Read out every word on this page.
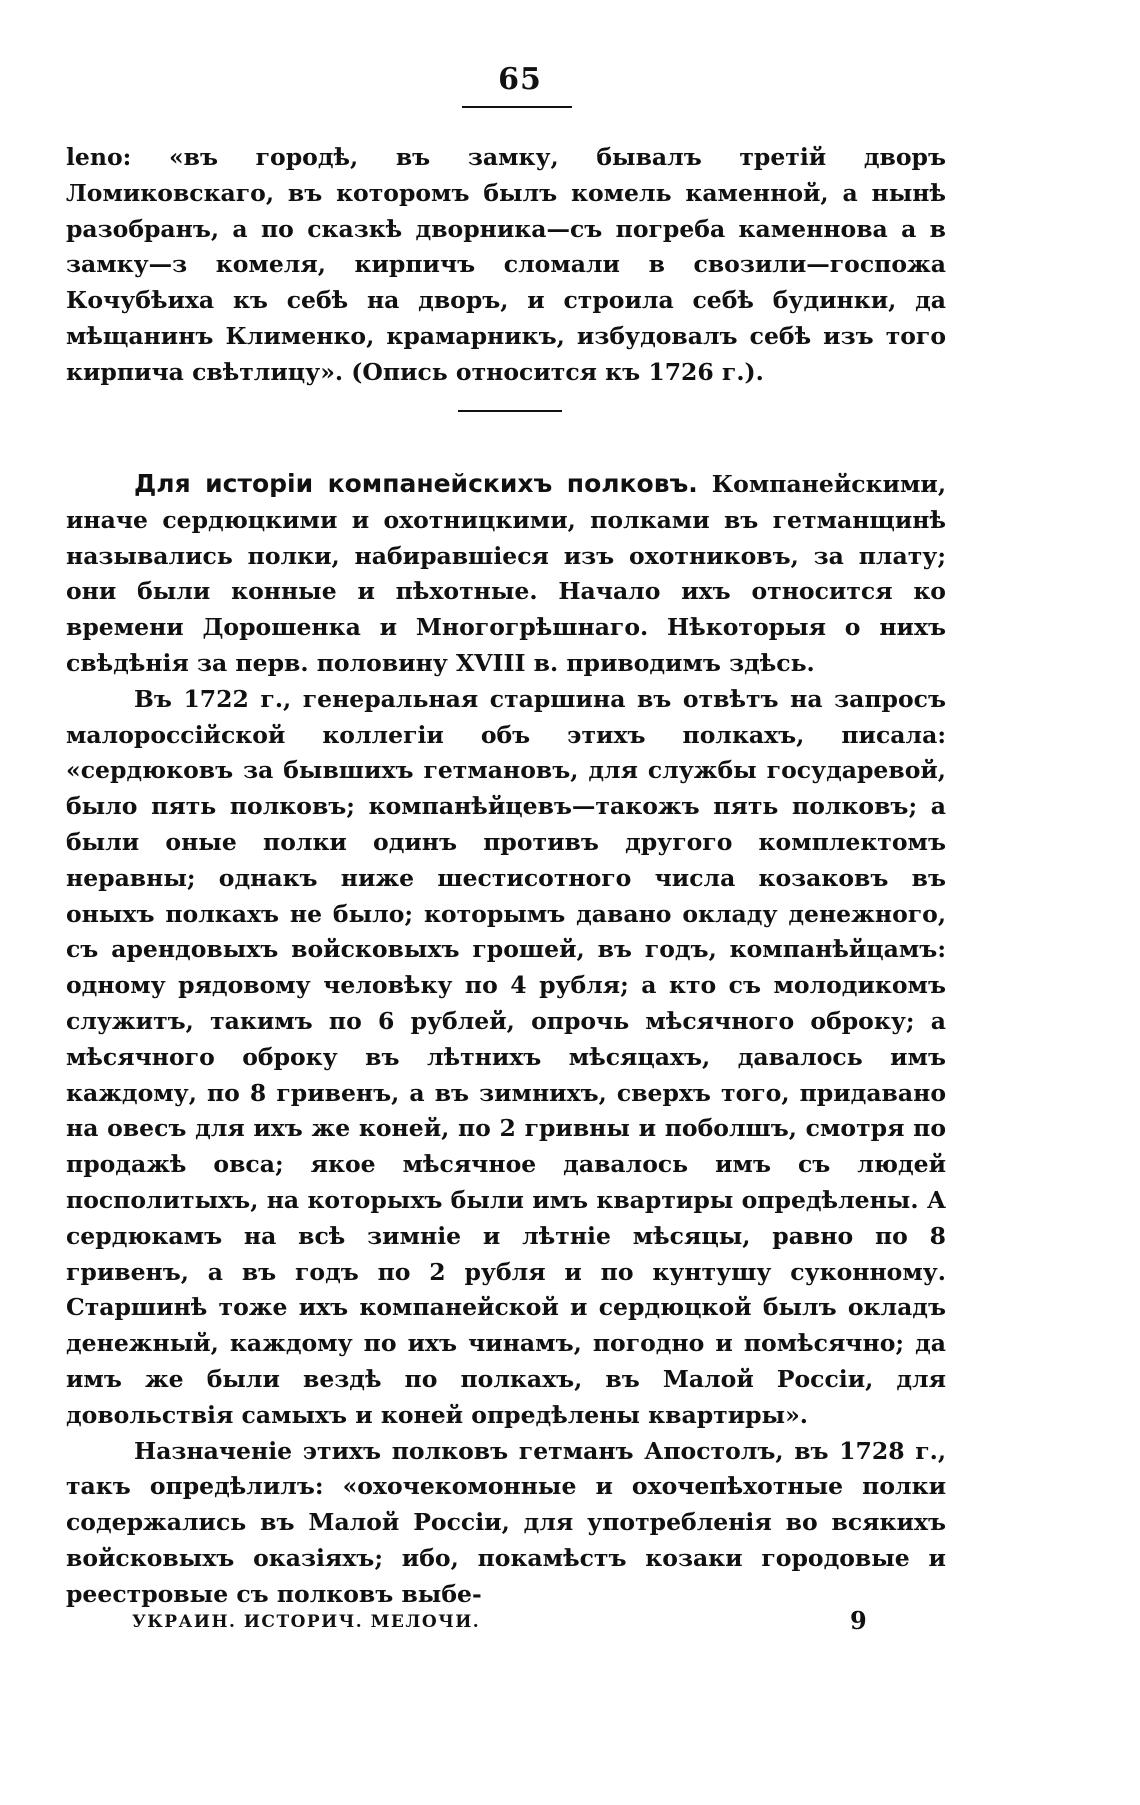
65

leno: «въ городѣ, въ замку, бывалъ третій дворъ Ломиковскаго, въ которомъ былъ комель каменной, а нынѣ разобранъ, а по сказкѣ дворника—съ погреба каменнова а в замку—з комеля, кирпичъ сломали в свозили—госпожа Кочубѣиха къ себѣ на дворъ, и строила себѣ будинки, да мѣщанинъ Клименко, крамарникъ, избудовалъ себѣ изъ того кирпича свѣтлицу». (Опись относится къ 1726 г.).

Для исторіи компанейскихъ полковъ. Компанейскими, иначе сердюцкими и охотницкими, полками въ гетманщинѣ назывались полки, набиравшіеся изъ охотниковъ, за плату; они были конные и пѣхотные. Начало ихъ относится ко времени Дорошенка и Многогрѣшнаго. Нѣкоторыя о нихъ свѣдѣнія за перв. половину XVIII в. приводимъ здѣсь.

Въ 1722 г., генеральная старшина въ отвѣтъ на запросъ малороссійской коллегіи объ этихъ полкахъ, писала: «сердюковъ за бывшихъ гетмановъ, для службы государевой, было пять полковъ; компанѣйцевъ—такожъ пять полковъ; а были оные полки одинъ противъ другого комплектомъ неравны; однакъ ниже шестисотного числа козаковъ въ оныхъ полкахъ не было; которымъ давано окладу денежного, съ арендовыхъ войсковыхъ грошей, въ годъ, компанѣйцамъ: одному рядовому человѣку по 4 рубля; а кто съ молодикомъ служитъ, такимъ по 6 рублей, опрочь мѣсячного оброку; а мѣсячного оброку въ лѣтнихъ мѣсяцахъ, давалось имъ каждому, по 8 гривенъ, а въ зимнихъ, сверхъ того, придавано на овесъ для ихъ же коней, по 2 гривны и поболшъ, смотря по продажѣ овса; якое мѣсячное давалось имъ съ людей посполитыхъ, на которыхъ были имъ квартиры опредѣлены. А сердюкамъ на всѣ зимніе и лѣтніе мѣсяцы, равно по 8 гривенъ, а въ годъ по 2 рубля и по кунтушу суконному. Старшинѣ тоже ихъ компанейской и сердюцкой былъ окладъ денежный, каждому по ихъ чинамъ, погодно и помѣсячно; да имъ же были вездѣ по полкахъ, въ Малой Россіи, для довольствія самыхъ и коней опредѣлены квартиры».

Назначеніе этихъ полковъ гетманъ Апостолъ, въ 1728 г., такъ опредѣлилъ: «охочекомонные и охочепѣхотные полки содержались въ Малой Россіи, для употребленія во всякихъ войсковыхъ оказіяхъ; ибо, покамѣстъ козаки городовые и реестровые съ полковъ выбе-

УКРАИН. ИСТОРИЧ. МЕЛОЧИ.	9
